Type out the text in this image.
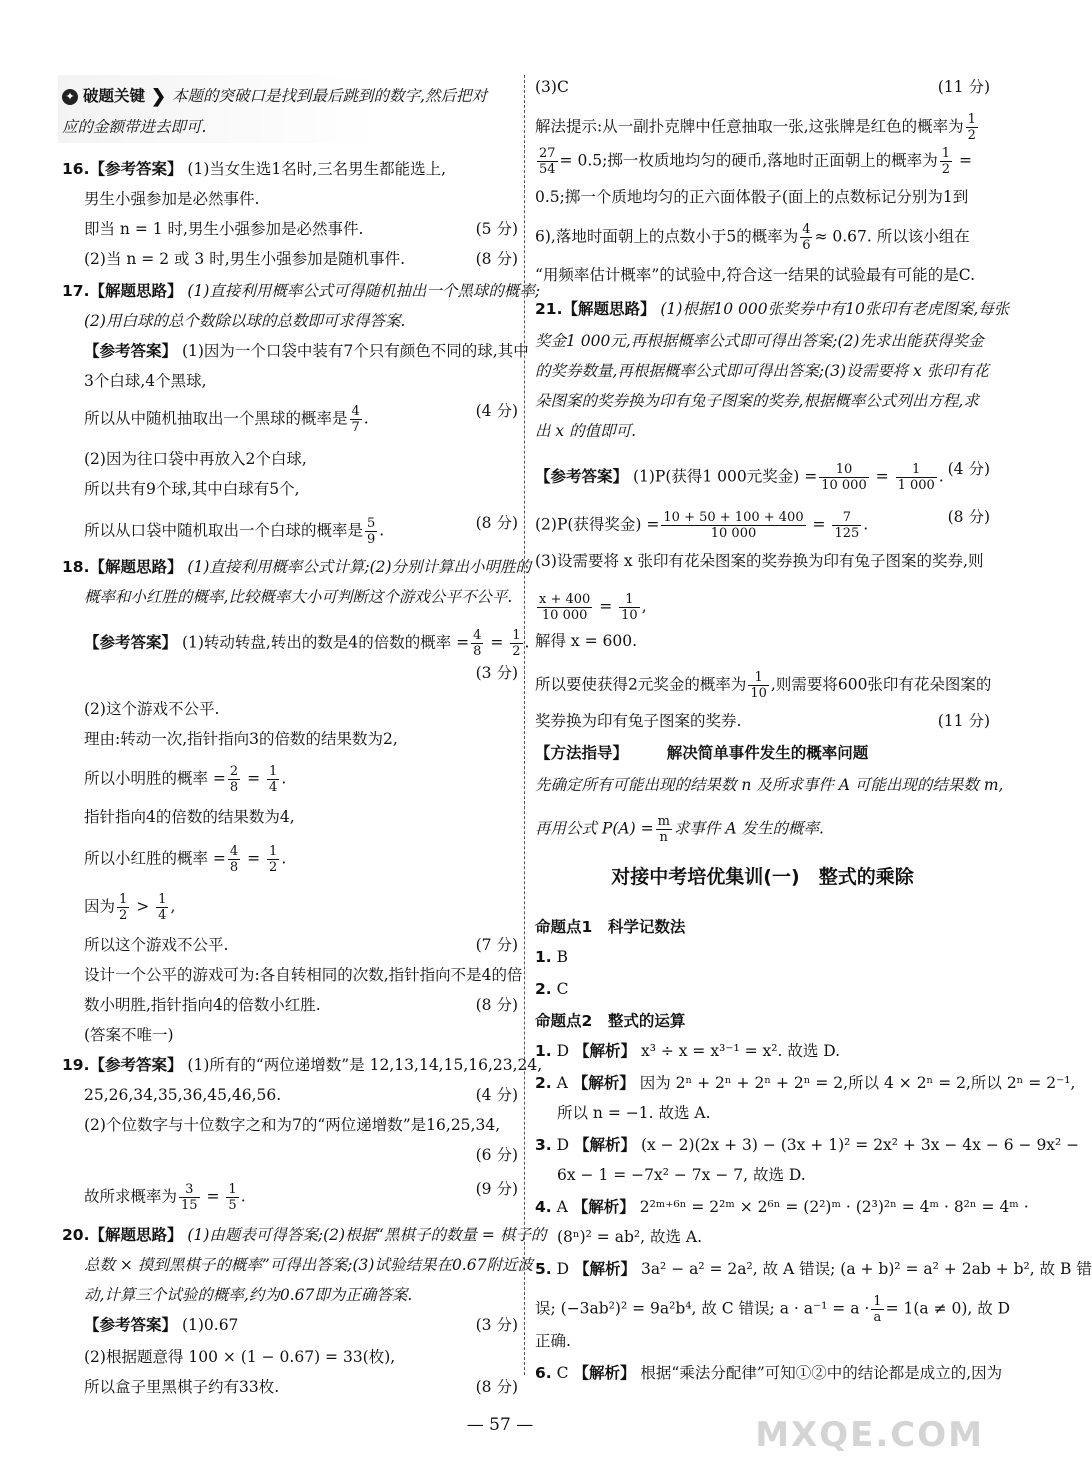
✦ 破题关键 ❯ 本题的突破口是找到最后跳到的数字,然后把对
应的金额带进去即可.
16.【参考答案】 (1)当女生选1名时,三名男生都能选上,
男生小强参加是必然事件.
即当 n = 1 时,男生小强参加是必然事件.	(5 分)
(2)当 n = 2 或 3 时,男生小强参加是随机事件.	(8 分)
17.【解题思路】 (1)直接利用概率公式可得随机抽出一个黑球的概率;
(2)用白球的总个数除以球的总数即可求得答案.
【参考答案】 (1)因为一个口袋中装有7个只有颜色不同的球,其中
3个白球,4个黑球,
所以从中随机抽取出一个黑球的概率是 $\frac{4}{7}$ .	(4 分)
(2)因为往口袋中再放入2个白球,
所以共有9个球,其中白球有5个,
所以从口袋中随机取出一个白球的概率是 $\frac{5}{9}$ .	(8 分)
18.【解题思路】 (1)直接利用概率公式计算;(2)分别计算出小明胜的
概率和小红胜的概率,比较概率大小可判断这个游戏公平不公平.
【参考答案】 (1)转动转盘,转出的数是4的倍数的概率 = $\frac{4}{8} = \frac{1}{2}$ .
(3 分)
(2)这个游戏不公平.
理由:转动一次,指针指向3的倍数的结果数为2,
所以小明胜的概率 = $\frac{2}{8} = \frac{1}{4}$ .
指针指向4的倍数的结果数为4,
所以小红胜的概率 = $\frac{4}{8} = \frac{1}{2}$ .
因为 $\frac{1}{2} > \frac{1}{4}$ ,
所以这个游戏不公平.	(7 分)
设计一个公平的游戏可为:各自转相同的次数,指针指向不是4的倍
数小明胜,指针指向4的倍数小红胜.	(8 分)
(答案不唯一)
19.【参考答案】 (1)所有的“两位递增数”是 12,13,14,15,16,23,24,
25,26,34,35,36,45,46,56.	(4 分)
(2)个位数字与十位数字之和为7的“两位递增数”是16,25,34,
(6 分)
故所求概率为 $\frac{3}{15} = \frac{1}{5}$ .	(9 分)
20.【解题思路】 (1)由题表可得答案;(2)根据“黑棋子的数量 = 棋子的
总数 × 摸到黑棋子的概率”可得出答案;(3)试验结果在0.67附近波
动,计算三个试验的概率,约为0.67即为正确答案.
【参考答案】 (1)0.67	(3 分)
(2)根据题意得 100 × (1 − 0.67) = 33(枚),
所以盒子里黑棋子约有33枚.	(8 分)
(3)C	(11 分)
解法提示:从一副扑克牌中任意抽取一张,这张牌是红色的概率为 $\frac{1}{2}$
$\frac{27}{54} = 0.5$;掷一枚质地均匀的硬币,落地时正面朝上的概率为 $\frac{1}{2}$ =
0.5;掷一个质地均匀的正六面体骰子(面上的点数标记分别为1到
6),落地时面朝上的点数小于5的概率为 $\frac{4}{6} \approx 0.67$. 所以该小组在
“用频率估计概率”的试验中,符合这一结果的试验最有可能的是C.
21.【解题思路】 (1)根据10 000张奖券中有10张印有老虎图案,每张
奖金1 000元,再根据概率公式即可得出答案;(2)先求出能获得奖金
的奖券数量,再根据概率公式即可得出答案;(3)设需要将 x 张印有花
朵图案的奖券换为印有兔子图案的奖券,根据概率公式列出方程,求
出 x 的值即可.
【参考答案】 (1)P(获得1 000元奖金) = $\frac{10}{10 000} = \frac{1}{1 000}$ . (4 分)
(2)P(获得奖金) = $\frac{10 + 50 + 100 + 400}{10 000} = \frac{7}{125}$ .	(8 分)
(3)设需要将 x 张印有花朵图案的奖券换为印有兔子图案的奖券,则
$\frac{x + 400}{10 000} = \frac{1}{10}$ ,
解得 x = 600.
所以要使获得2元奖金的概率为 $\frac{1}{10}$ ,则需要将600张印有花朵图案的
奖券换为印有兔子图案的奖券.	(11 分)
【方法指导】　　　	解决简单事件发生的概率问题
先确定所有可能出现的结果数 n 及所求事件 A 可能出现的结果数 m,
再用公式 $P(A) = \frac{m}{n}$ 求事件 A 发生的概率.
对接中考培优集训(一)　 整式的乘除
命题点1　 科学记数法
1. B
2. C
命题点2　 整式的运算
1. D 【解析】 x³ ÷ x = x³⁻¹ = x². 故选 D.
2. A 【解析】 因为 2ⁿ + 2ⁿ + 2ⁿ + 2ⁿ = 2,所以 4 × 2ⁿ = 2,所以 2ⁿ = 2⁻¹,
所以 n = −1. 故选 A.
3. D 【解析】 (x − 2)(2x + 3) − (3x + 1)² = 2x² + 3x − 4x − 6 − 9x² −
6x − 1 = −7x² − 7x − 7, 故选 D.
4. A 【解析】 2²ᵐ⁺⁶ⁿ = 2²ᵐ × 2⁶ⁿ = (2²)ᵐ · (2³)²ⁿ = 4ᵐ · 8²ⁿ = 4ᵐ ·
(8ⁿ)² = ab², 故选 A.
5. D 【解析】 3a² − a² = 2a², 故 A 错误; (a + b)² = a² + 2ab + b², 故 B 错
误; (−3ab²)² = 9a²b⁴, 故 C 错误; $a \cdot a^{-1} = a \cdot \frac{1}{a} = 1(a \ne 0)$, 故 D
正确.
6. C 【解析】 根据“乘法分配律”可知①②中的结论都是成立的,因为
— 57 —	MXQE.COM
